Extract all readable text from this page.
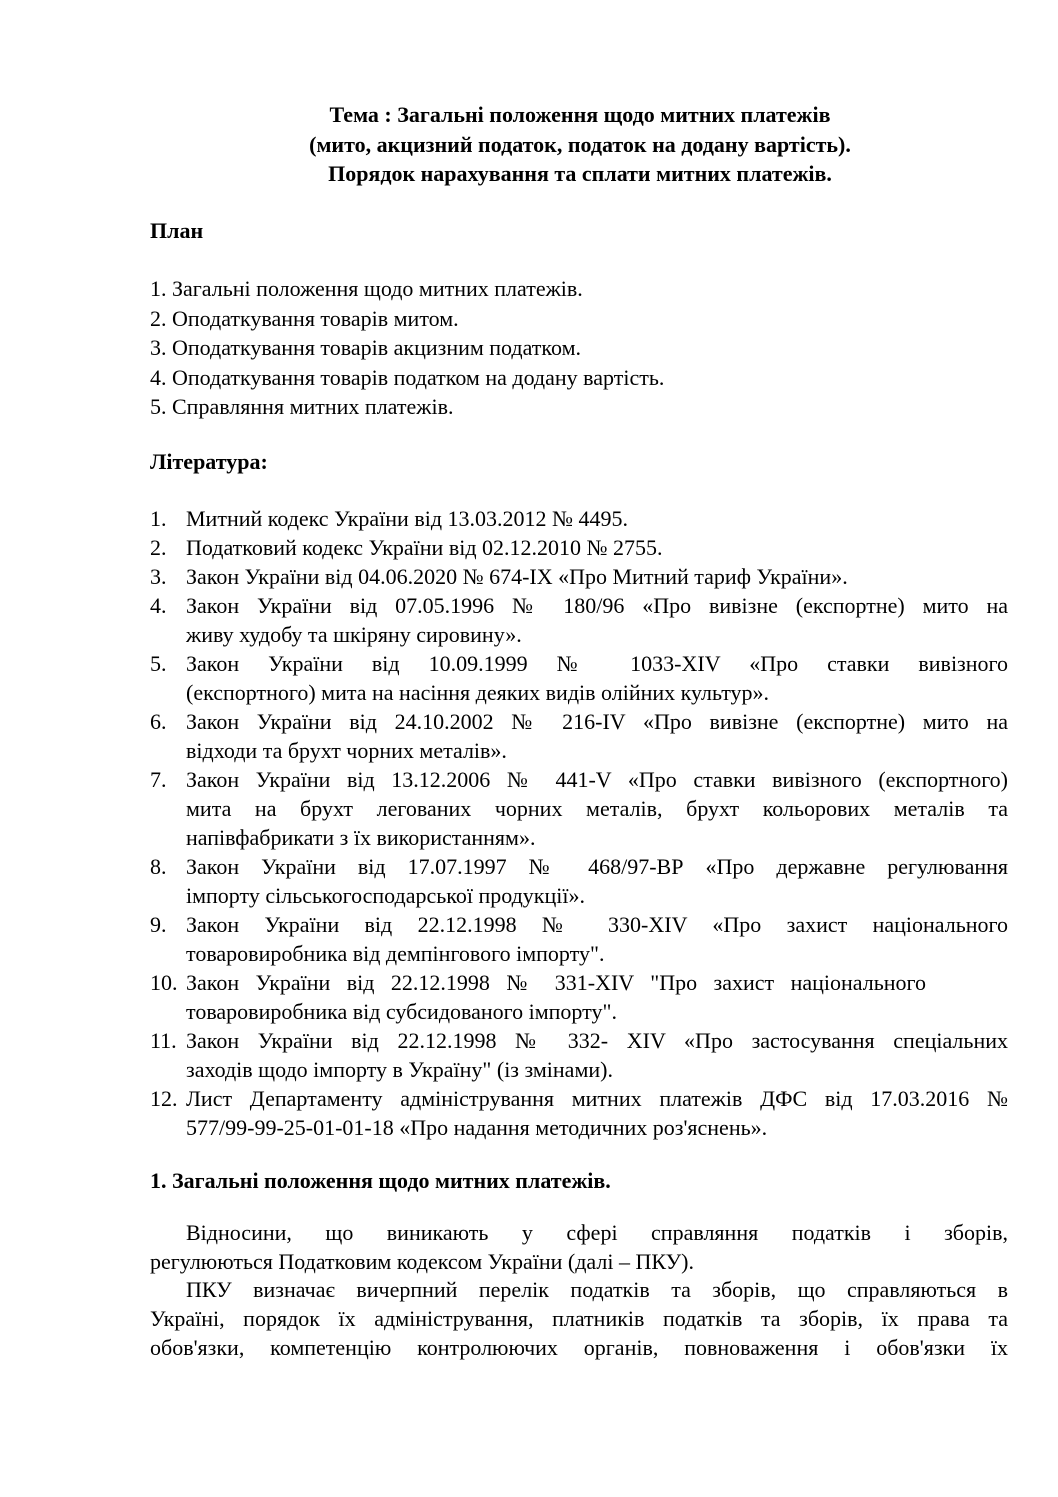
Тема : Загальні положення щодо митних платежів
(мито, акцизний податок, податок на додану вартість).
Порядок нарахування та сплати митних платежів.
План
1. Загальні положення щодо митних платежів.
2. Оподаткування товарів митом.
3. Оподаткування товарів акцизним податком.
4. Оподаткування товарів податком на додану вартість.
5. Справляння митних платежів.
Література:
1. Митний кодекс України від 13.03.2012 № 4495.
2. Податковий кодекс України від 02.12.2010 № 2755.
3. Закон України від 04.06.2020 № 674-IX «Про Митний тариф України».
4. Закон України від 07.05.1996 № 180/96 «Про вивізне (експортне) мито на
живу худобу та шкіряну сировину».
5. Закон України від 10.09.1999 № 1033-XIV «Про ставки вивізного
(експортного) мита на насіння деяких видів олійних культур».
6. Закон України від 24.10.2002 № 216-IV «Про вивізне (експортне) мито на
відходи та брухт чорних металів».
7. Закон України від 13.12.2006 № 441-V «Про ставки вивізного (експортного)
мита на брухт легованих чорних металів, брухт кольорових металів та
напівфабрикати з їх використанням».
8. Закон України від 17.07.1997 № 468/97-ВР «Про державне регулювання
імпорту сільськогосподарської продукції».
9. Закон України від 22.12.1998 № 330-XIV «Про захист національного
товаровиробника від демпінгового імпорту".
10. Закон України від 22.12.1998 № 331-XIV "Про захист національного
товаровиробника від субсидованого імпорту".
11. Закон України від 22.12.1998 № 332- XIV «Про застосування спеціальних
заходів щодо імпорту в Україну" (із змінами).
12. Лист Департаменту адміністрування митних платежів ДФС від 17.03.2016 №
577/99-99-25-01-01-18 «Про надання методичних роз'яснень».
1. Загальні положення щодо митних платежів.
Відносини, що виникають у сфері справляння податків і зборів,
регулюються Податковим кодексом України (далі – ПКУ).
ПКУ визначає вичерпний перелік податків та зборів, що справляються в
Україні, порядок їх адміністрування, платників податків та зборів, їх права та
обов'язки, компетенцію контролюючих органів, повноваження і обов'язки їх
